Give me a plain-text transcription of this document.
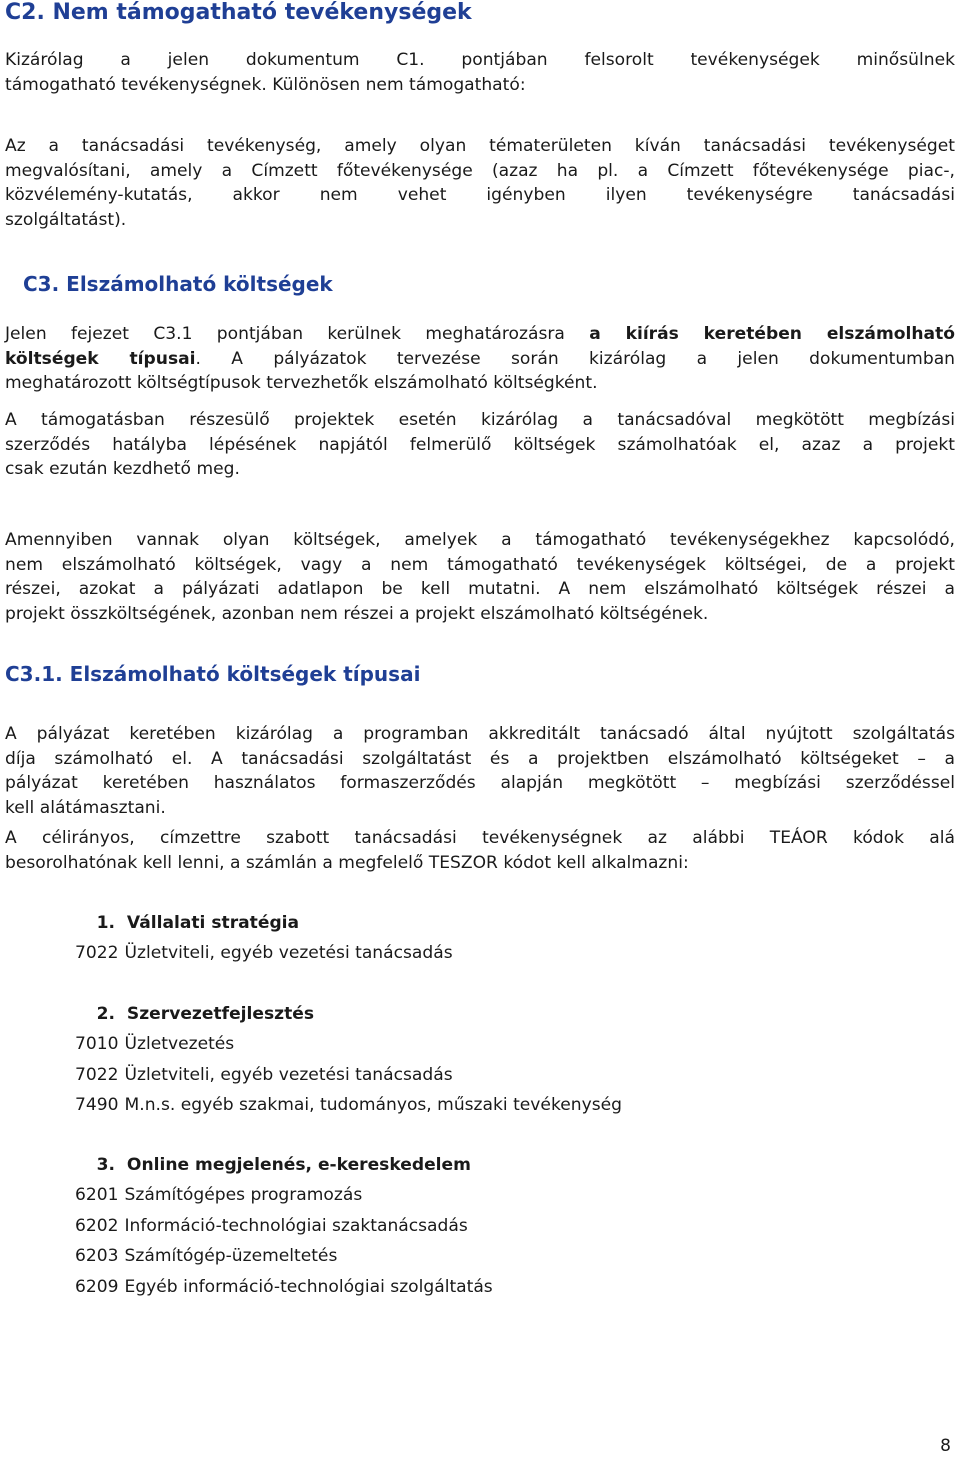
C2. Nem támogatható tevékenységek
Kizárólag a jelen dokumentum C1. pontjában felsorolt tevékenységek minősülnek
támogatható tevékenységnek. Különösen nem támogatható:
Az a tanácsadási tevékenység, amely olyan tématerületen kíván tanácsadási tevékenységet
megvalósítani, amely a Címzett főtevékenysége (azaz ha pl. a Címzett főtevékenysége piac-,
közvélemény-kutatás, akkor nem vehet igényben ilyen tevékenységre tanácsadási
szolgáltatást).
C3. Elszámolható költségek
Jelen fejezet C3.1 pontjában kerülnek meghatározásra a kiírás keretében elszámolható
költségek típusai. A pályázatok tervezése során kizárólag a jelen dokumentumban
meghatározott költségtípusok tervezhetők elszámolható költségként.
A támogatásban részesülő projektek esetén kizárólag a tanácsadóval megkötött megbízási
szerződés hatályba lépésének napjától felmerülő költségek számolhatóak el, azaz a projekt
csak ezután kezdhető meg.
Amennyiben vannak olyan költségek, amelyek a támogatható tevékenységekhez kapcsolódó,
nem elszámolható költségek, vagy a nem támogatható tevékenységek költségei, de a projekt
részei, azokat a pályázati adatlapon be kell mutatni. A nem elszámolható költségek részei a
projekt összköltségének, azonban nem részei a projekt elszámolható költségének.
C3.1. Elszámolható költségek típusai
A pályázat keretében kizárólag a programban akkreditált tanácsadó által nyújtott szolgáltatás
díja számolható el. A tanácsadási szolgáltatást és a projektben elszámolható költségeket – a
pályázat keretében használatos formaszerződés alapján megkötött – megbízási szerződéssel
kell alátámasztani.
A célirányos, címzettre szabott tanácsadási tevékenységnek az alábbi TEÁOR kódok alá
besorolhatónak kell lenni, a számlán a megfelelő TESZOR kódot kell alkalmazni:
1. Vállalati stratégia
7022 Üzletviteli, egyéb vezetési tanácsadás
2. Szervezetfejlesztés
7010 Üzletvezetés
7022 Üzletviteli, egyéb vezetési tanácsadás
7490 M.n.s. egyéb szakmai, tudományos, műszaki tevékenység
3. Online megjelenés, e-kereskedelem
6201 Számítógépes programozás
6202 Információ-technológiai szaktanácsadás
6203 Számítógép-üzemeltetés
6209 Egyéb információ-technológiai szolgáltatás
8
